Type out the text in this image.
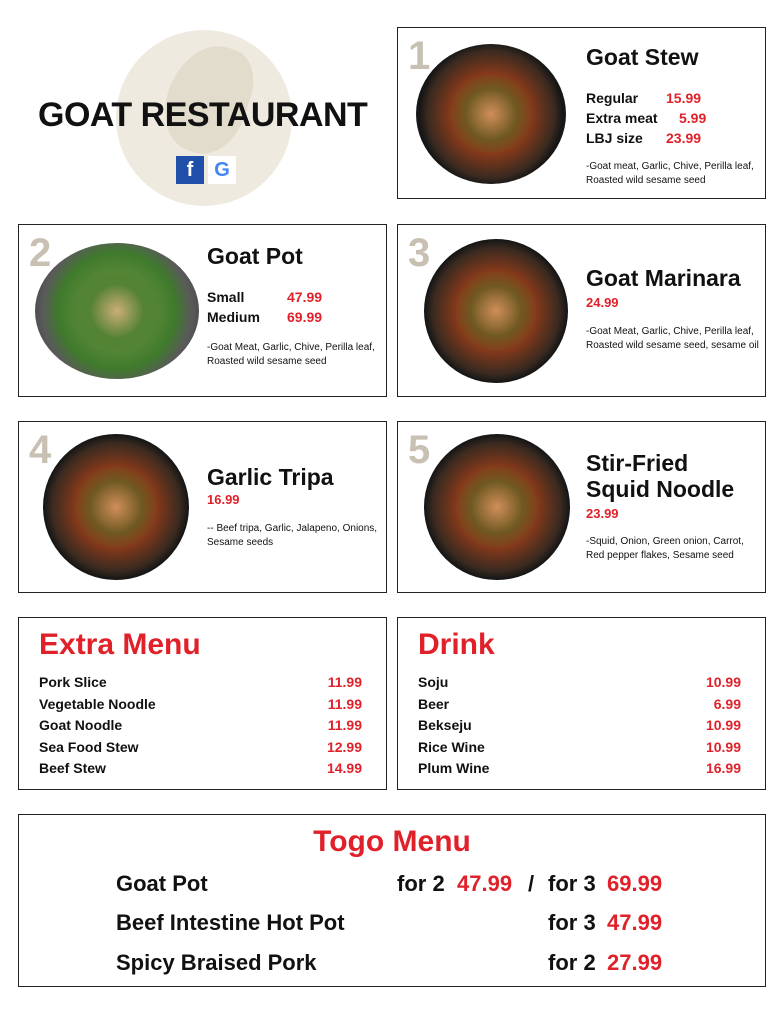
GOAT RESTAURANT
f	G
1	Goat Stew
Regular	15.99
Extra meat	5.99
LBJ size	23.99
-Goat meat, Garlic, Chive, Perilla leaf,
Roasted wild sesame seed
2	Goat Pot
Small	47.99
Medium	69.99
-Goat Meat, Garlic, Chive, Perilla leaf,
Roasted wild sesame seed
3
Goat Marinara
24.99
-Goat Meat, Garlic, Chive, Perilla leaf,
Roasted wild sesame seed, sesame oil
4
Garlic Tripa
16.99
-- Beef tripa, Garlic, Jalapeno, Onions,
Sesame seeds
5	Stir-Fried
Squid Noodle
23.99
-Squid, Onion, Green onion, Carrot,
Red pepper flakes, Sesame seed
Extra Menu
Pork Slice	11.99
Vegetable Noodle	11.99
Goat Noodle	11.99
Sea Food Stew	12.99
Beef Stew	14.99
Drink
Soju	10.99
Beer	6.99
Bekseju	10.99
Rice Wine	10.99
Plum Wine	16.99
Togo Menu
Goat Pot	for 2 47.99 / for 3 69.99
Beef Intestine Hot Pot	for 3 47.99
Spicy Braised Pork	for 2 27.99
